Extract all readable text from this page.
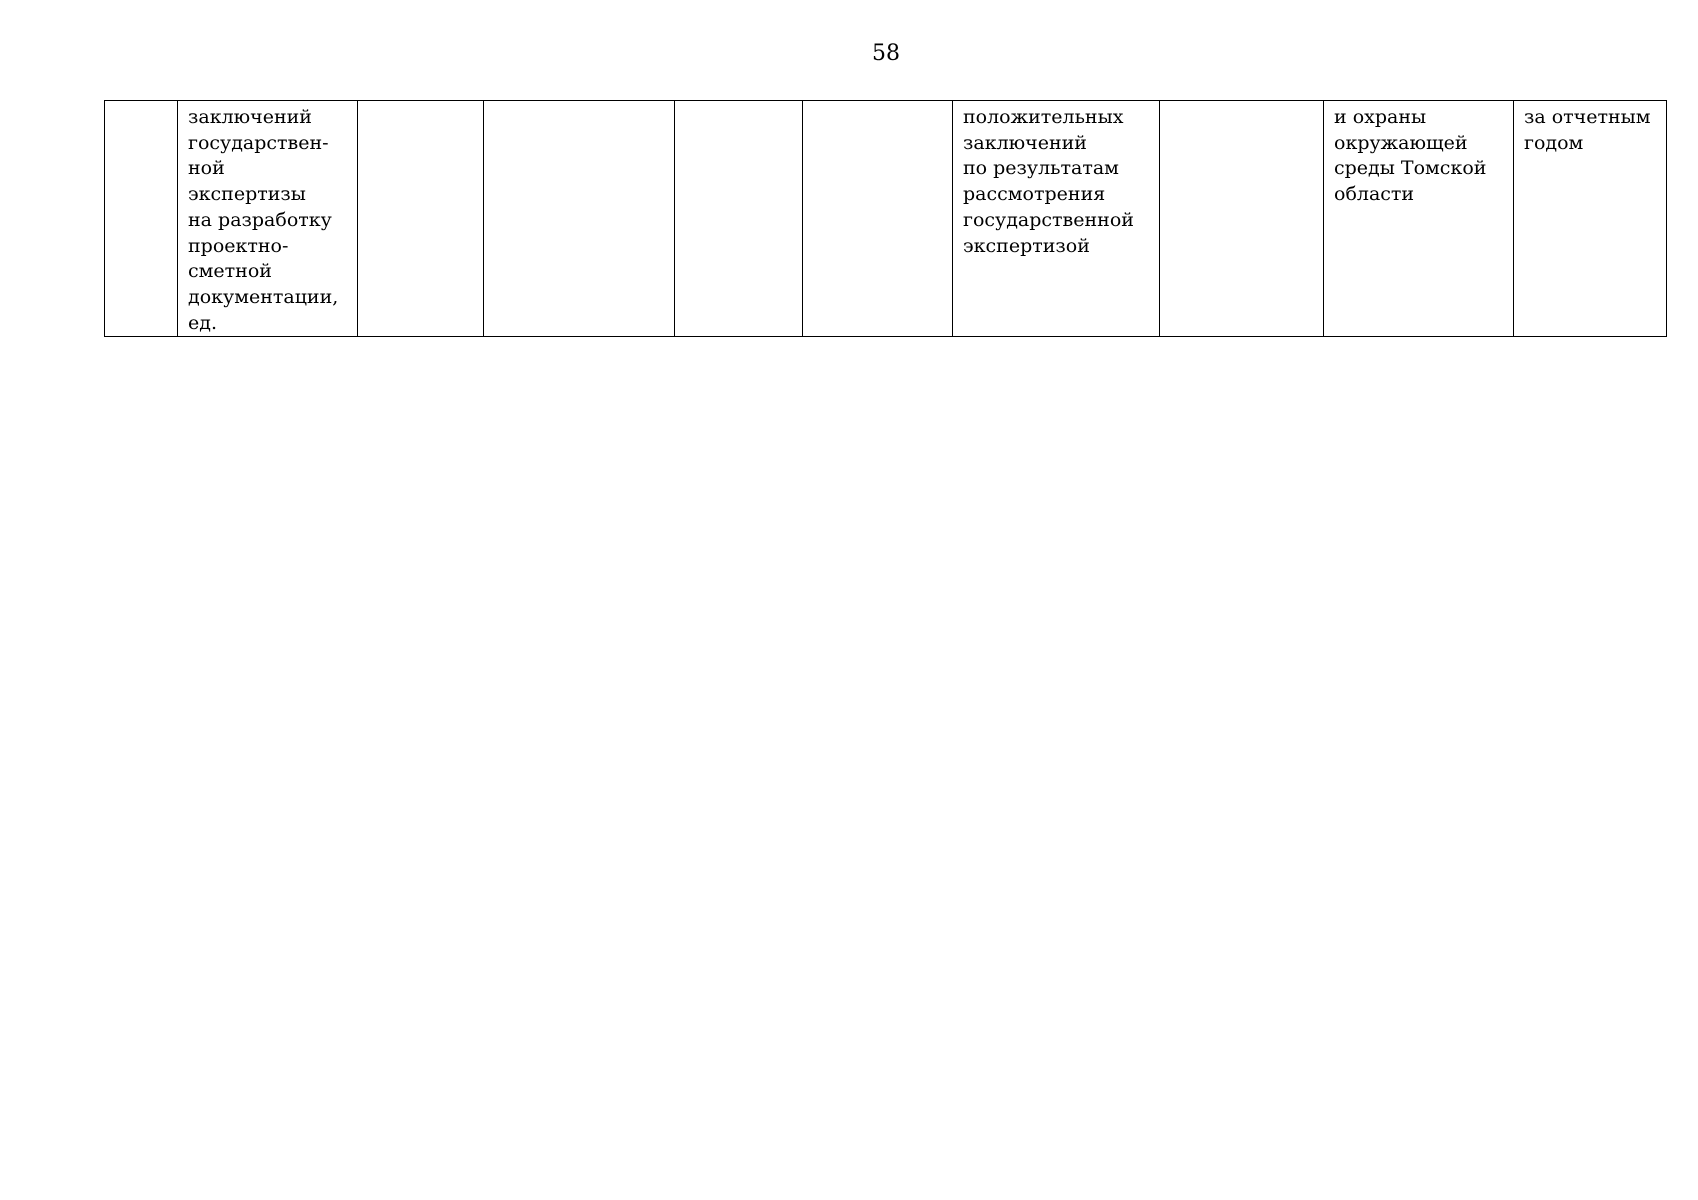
58
	заключений
государствен-
ной экспертизы
на разработку
проектно-
сметной
документации,
ед.					положительных
заключений
по результатам
рассмотрения
государственной
экспертизой		и охраны
окружающей
среды Томской
области	за отчетным
годом
